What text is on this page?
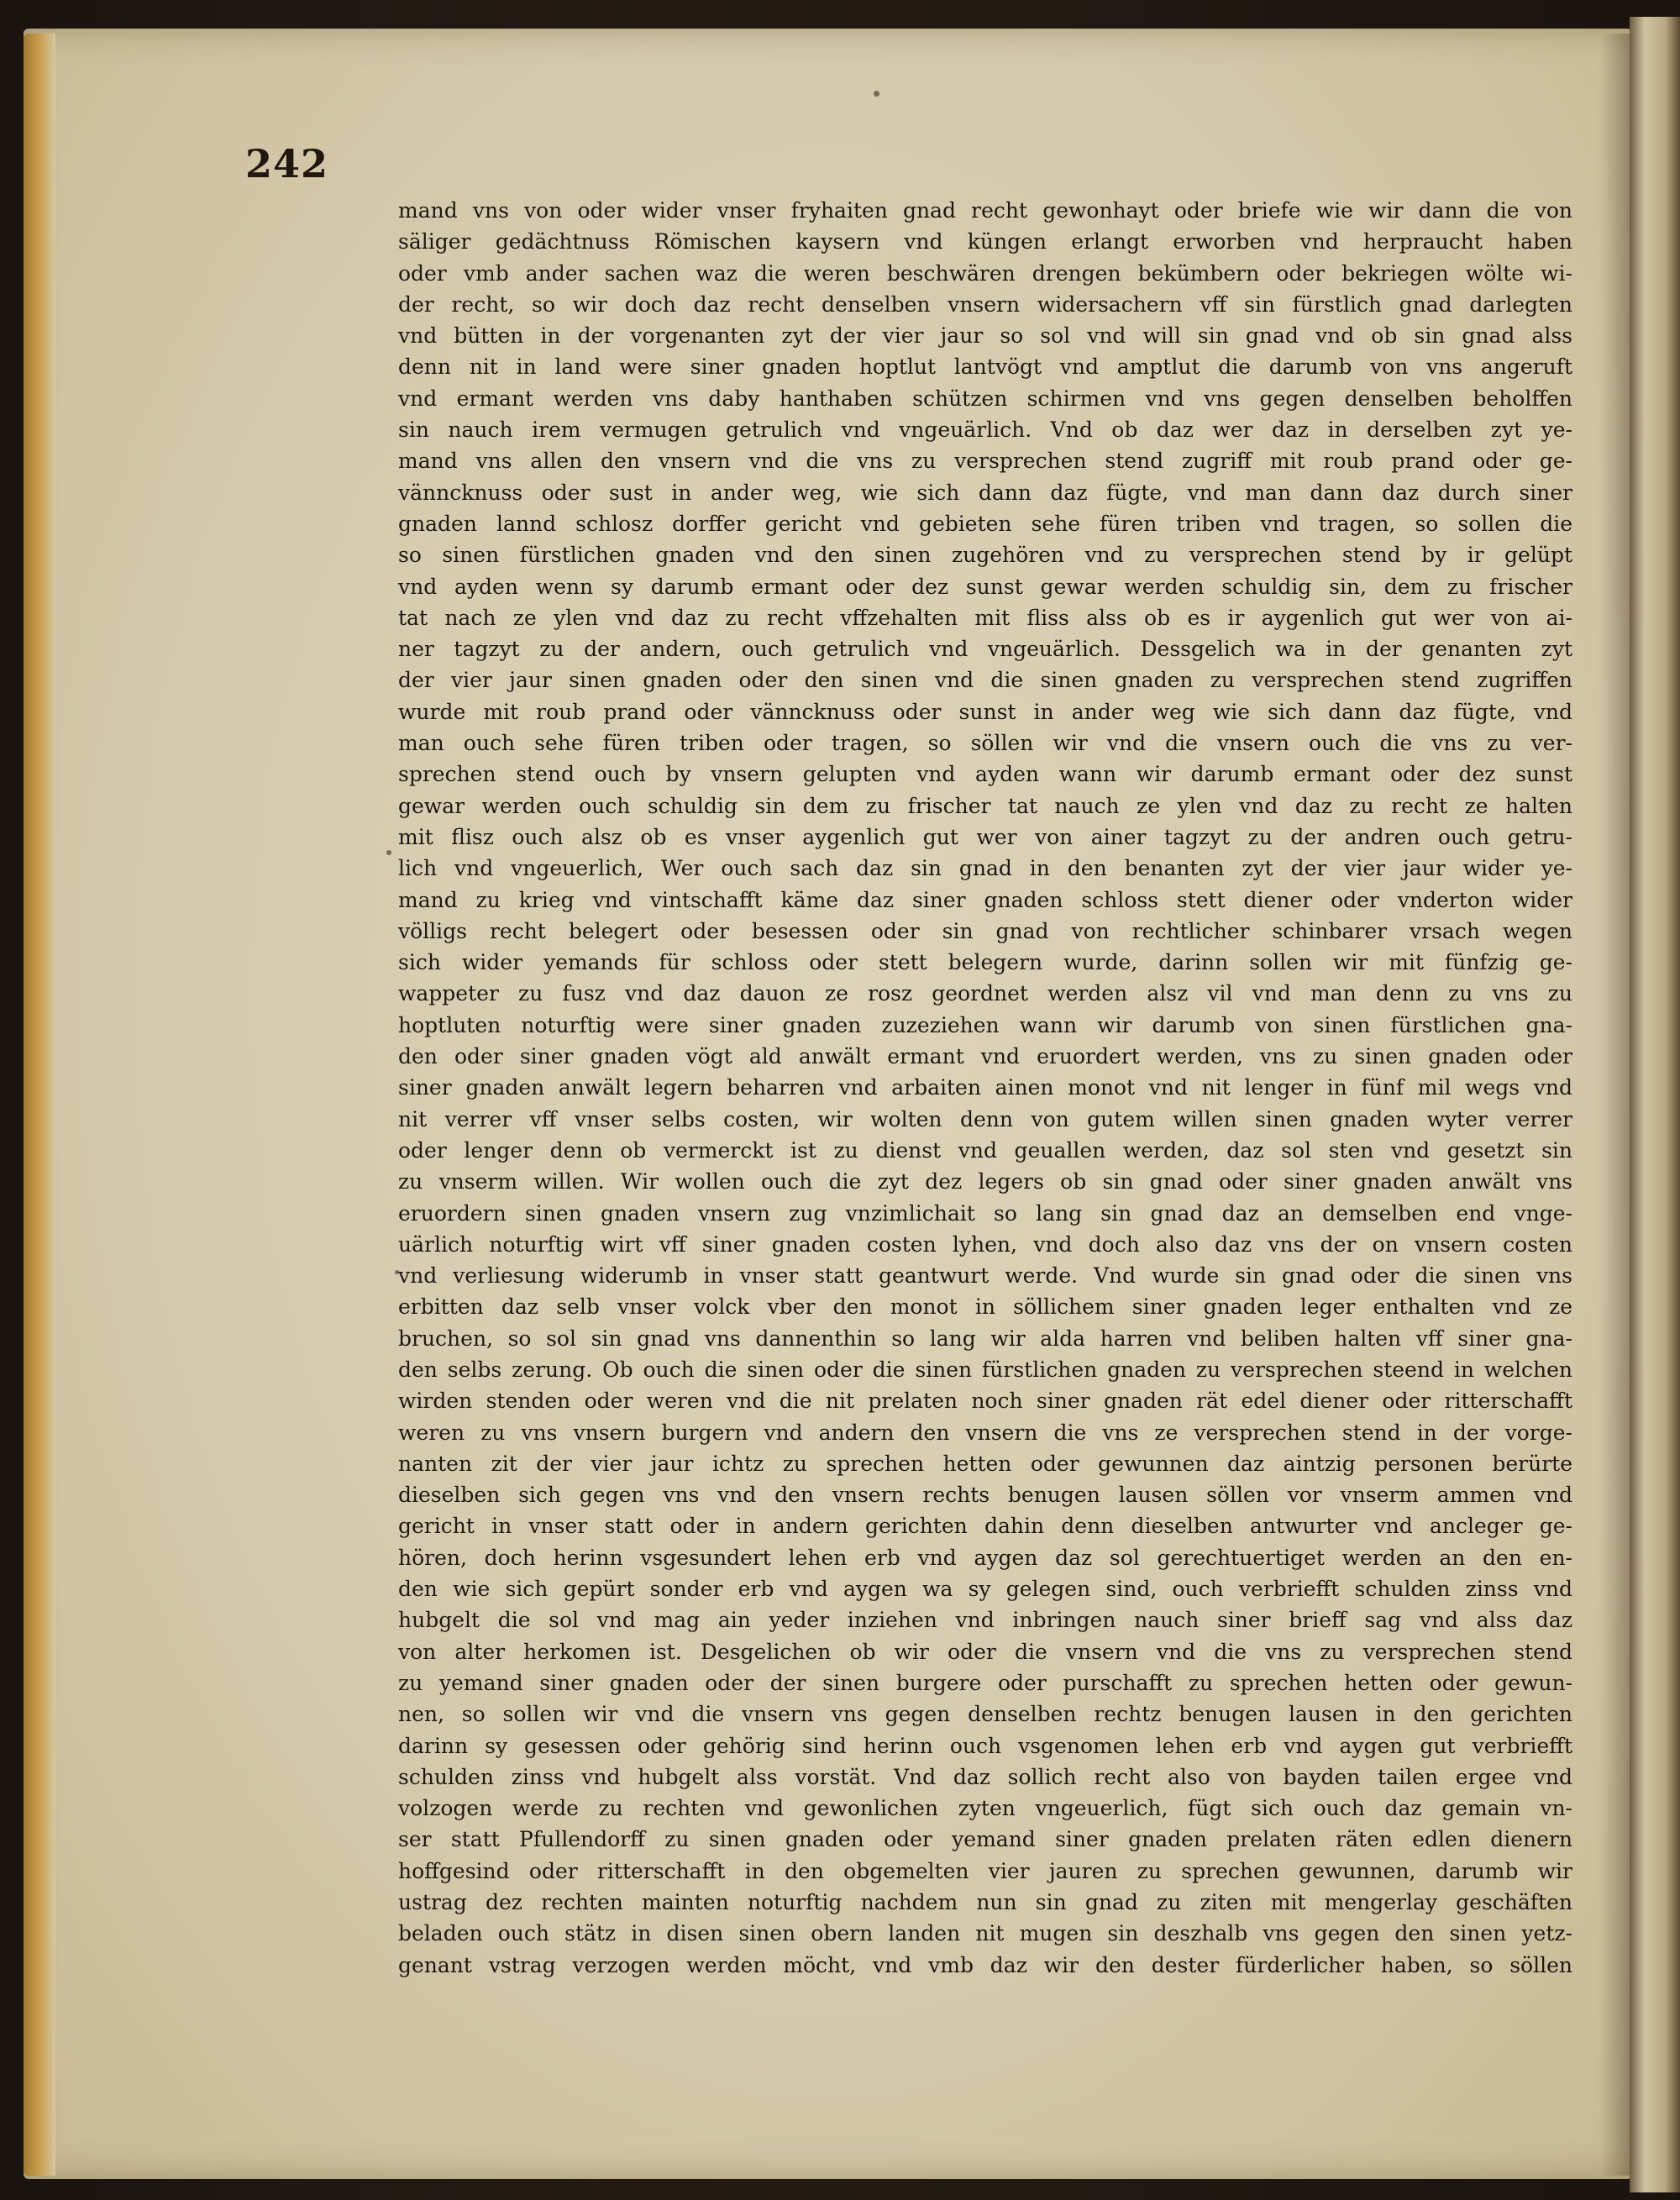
242
mand vns von oder wider vnser fryhaiten gnad recht gewonhayt oder briefe wie wir dann die von
säliger gedächtnuss Römischen kaysern vnd küngen erlangt erworben vnd herpraucht haben
oder vmb ander sachen waz die weren beschwären drengen bekümbern oder bekriegen wölte wi-
der recht, so wir doch daz recht denselben vnsern widersachern vff sin fürstlich gnad darlegten
vnd bütten in der vorgenanten zyt der vier jaur so sol vnd will sin gnad vnd ob sin gnad alss
denn nit in land were siner gnaden hoptlut lantvögt vnd amptlut die darumb von vns angeruft
vnd ermant werden vns daby hanthaben schützen schirmen vnd vns gegen denselben beholffen
sin nauch irem vermugen getrulich vnd vngeuärlich. Vnd ob daz wer daz in derselben zyt ye-
mand vns allen den vnsern vnd die vns zu versprechen stend zugriff mit roub prand oder ge-
vänncknuss oder sust in ander weg, wie sich dann daz fügte, vnd man dann daz durch siner
gnaden lannd schlosz dorffer gericht vnd gebieten sehe füren triben vnd tragen, so sollen die
so sinen fürstlichen gnaden vnd den sinen zugehören vnd zu versprechen stend by ir gelüpt
vnd ayden wenn sy darumb ermant oder dez sunst gewar werden schuldig sin, dem zu frischer
tat nach ze ylen vnd daz zu recht vffzehalten mit fliss alss ob es ir aygenlich gut wer von ai-
ner tagzyt zu der andern, ouch getrulich vnd vngeuärlich. Dessgelich wa in der genanten zyt
der vier jaur sinen gnaden oder den sinen vnd die sinen gnaden zu versprechen stend zugriffen
wurde mit roub prand oder vänncknuss oder sunst in ander weg wie sich dann daz fügte, vnd
man ouch sehe füren triben oder tragen, so söllen wir vnd die vnsern ouch die vns zu ver-
sprechen stend ouch by vnsern gelupten vnd ayden wann wir darumb ermant oder dez sunst
gewar werden ouch schuldig sin dem zu frischer tat nauch ze ylen vnd daz zu recht ze halten
mit flisz ouch alsz ob es vnser aygenlich gut wer von ainer tagzyt zu der andren ouch getru-
lich vnd vngeuerlich, Wer ouch sach daz sin gnad in den benanten zyt der vier jaur wider ye-
mand zu krieg vnd vintschafft käme daz siner gnaden schloss stett diener oder vnderton wider
völligs recht belegert oder besessen oder sin gnad von rechtlicher schinbarer vrsach wegen
sich wider yemands für schloss oder stett belegern wurde, darinn sollen wir mit fünfzig ge-
wappeter zu fusz vnd daz dauon ze rosz geordnet werden alsz vil vnd man denn zu vns zu
hoptluten noturftig were siner gnaden zuzeziehen wann wir darumb von sinen fürstlichen gna-
den oder siner gnaden vögt ald anwält ermant vnd eruordert werden, vns zu sinen gnaden oder
siner gnaden anwält legern beharren vnd arbaiten ainen monot vnd nit lenger in fünf mil wegs vnd
nit verrer vff vnser selbs costen, wir wolten denn von gutem willen sinen gnaden wyter verrer
oder lenger denn ob vermerckt ist zu dienst vnd geuallen werden, daz sol sten vnd gesetzt sin
zu vnserm willen. Wir wollen ouch die zyt dez legers ob sin gnad oder siner gnaden anwält vns
eruordern sinen gnaden vnsern zug vnzimlichait so lang sin gnad daz an demselben end vnge-
uärlich noturftig wirt vff siner gnaden costen lyhen, vnd doch also daz vns der on vnsern costen
vnd verliesung widerumb in vnser statt geantwurt werde. Vnd wurde sin gnad oder die sinen vns
erbitten daz selb vnser volck vber den monot in söllichem siner gnaden leger enthalten vnd ze
bruchen, so sol sin gnad vns dannenthin so lang wir alda harren vnd beliben halten vff siner gna-
den selbs zerung. Ob ouch die sinen oder die sinen fürstlichen gnaden zu versprechen steend in welchen
wirden stenden oder weren vnd die nit prelaten noch siner gnaden rät edel diener oder ritterschafft
weren zu vns vnsern burgern vnd andern den vnsern die vns ze versprechen stend in der vorge-
nanten zit der vier jaur ichtz zu sprechen hetten oder gewunnen daz aintzig personen berürte
dieselben sich gegen vns vnd den vnsern rechts benugen lausen söllen vor vnserm ammen vnd
gericht in vnser statt oder in andern gerichten dahin denn dieselben antwurter vnd ancleger ge-
hören, doch herinn vsgesundert lehen erb vnd aygen daz sol gerechtuertiget werden an den en-
den wie sich gepürt sonder erb vnd aygen wa sy gelegen sind, ouch verbriefft schulden zinss vnd
hubgelt die sol vnd mag ain yeder inziehen vnd inbringen nauch siner brieff sag vnd alss daz
von alter herkomen ist. Desgelichen ob wir oder die vnsern vnd die vns zu versprechen stend
zu yemand siner gnaden oder der sinen burgere oder purschafft zu sprechen hetten oder gewun-
nen, so sollen wir vnd die vnsern vns gegen denselben rechtz benugen lausen in den gerichten
darinn sy gesessen oder gehörig sind herinn ouch vsgenomen lehen erb vnd aygen gut verbriefft
schulden zinss vnd hubgelt alss vorstät. Vnd daz sollich recht also von bayden tailen ergee vnd
volzogen werde zu rechten vnd gewonlichen zyten vngeuerlich, fügt sich ouch daz gemain vn-
ser statt Pfullendorff zu sinen gnaden oder yemand siner gnaden prelaten räten edlen dienern
hoffgesind oder ritterschafft in den obgemelten vier jauren zu sprechen gewunnen, darumb wir
ustrag dez rechten mainten noturftig nachdem nun sin gnad zu ziten mit mengerlay geschäften
beladen ouch stätz in disen sinen obern landen nit mugen sin deszhalb vns gegen den sinen yetz-
genant vstrag verzogen werden möcht, vnd vmb daz wir den dester fürderlicher haben, so söllen
